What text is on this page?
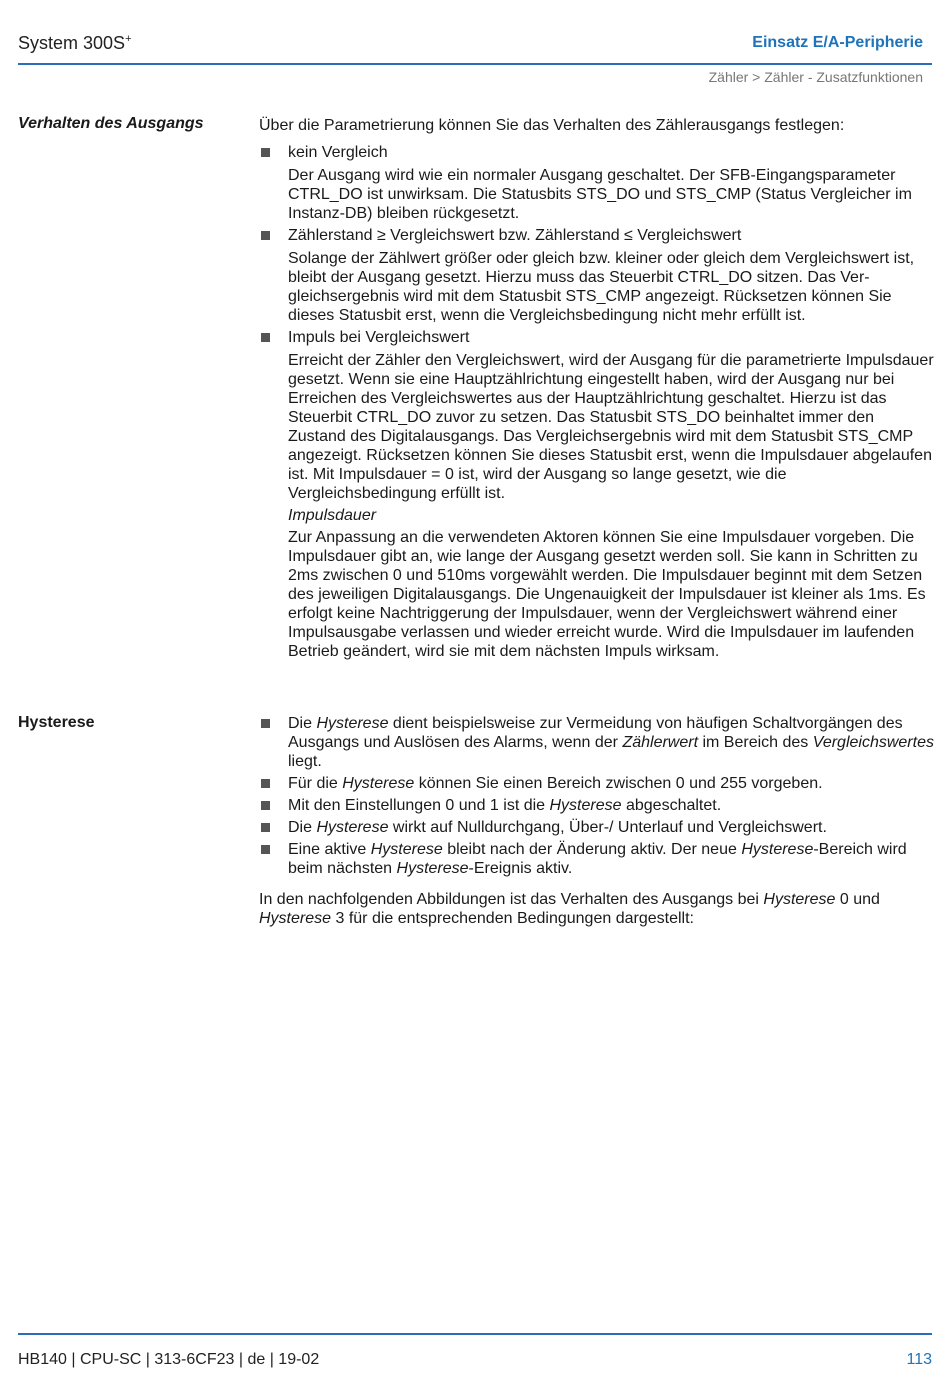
System 300S+	Einsatz E/A-Peripherie
Zähler > Zähler - Zusatzfunktionen
Verhalten des Ausgangs	Über die Parametrierung können Sie das Verhalten des Zählerausgangs festlegen:

kein Vergleich

Der Ausgang wird wie ein normaler Ausgang geschaltet. Der SFB-Eingangsparameter CTRL_DO ist unwirksam. Die Statusbits STS_DO und STS_CMP (Status Vergleicher im Instanz-DB) bleiben rückgesetzt.

Zählerstand ≥ Vergleichswert bzw. Zählerstand ≤ Vergleichswert

Solange der Zählwert größer oder gleich bzw. kleiner oder gleich dem Vergleichswert ist, bleibt der Ausgang gesetzt. Hierzu muss das Steuerbit CTRL_DO sitzen. Das Vergleichsergebnis wird mit dem Statusbit STS_CMP angezeigt. Rücksetzen können Sie dieses Statusbit erst, wenn die Vergleichsbedingung nicht mehr erfüllt ist.

Impuls bei Vergleichswert

Erreicht der Zähler den Vergleichswert, wird der Ausgang für die parametrierte Impulsdauer gesetzt. Wenn sie eine Hauptzählrichtung eingestellt haben, wird der Ausgang nur bei Erreichen des Vergleichswertes aus der Hauptzählrichtung geschaltet. Hierzu ist das Steuerbit CTRL_DO zuvor zu setzen. Das Statusbit STS_DO beinhaltet immer den Zustand des Digitalausgangs. Das Vergleichsergebnis wird mit dem Statusbit STS_CMP angezeigt. Rücksetzen können Sie dieses Statusbit erst, wenn die Impulsdauer abgelaufen ist. Mit Impulsdauer = 0 ist, wird der Ausgang so lange gesetzt, wie die Vergleichsbedingung erfüllt ist.

Impulsdauer

Zur Anpassung an die verwendeten Aktoren können Sie eine Impulsdauer vorgeben. Die Impulsdauer gibt an, wie lange der Ausgang gesetzt werden soll. Sie kann in Schritten zu 2ms zwischen 0 und 510ms vorgewählt werden. Die Impulsdauer beginnt mit dem Setzen des jeweiligen Digitalausgangs. Die Ungenauigkeit der Impulsdauer ist kleiner als 1ms. Es erfolgt keine Nachtriggerung der Impulsdauer, wenn der Vergleichswert während einer Impulsausgabe verlassen und wieder erreicht wurde. Wird die Impulsdauer im laufenden Betrieb geändert, wird sie mit dem nächsten Impuls wirksam.

Hysterese	Die Hysterese dient beispielsweise zur Vermeidung von häufigen Schaltvorgängen des Ausgangs und Auslösen des Alarms, wenn der Zählerwert im Bereich des Vergleichswertes liegt.

Für die Hysterese können Sie einen Bereich zwischen 0 und 255 vorgeben.

Mit den Einstellungen 0 und 1 ist die Hysterese abgeschaltet.

Die Hysterese wirkt auf Nulldurchgang, Über-/ Unterlauf und Vergleichswert.

Eine aktive Hysterese bleibt nach der Änderung aktiv. Der neue Hysterese-Bereich wird beim nächsten Hysterese-Ereignis aktiv.

In den nachfolgenden Abbildungen ist das Verhalten des Ausgangs bei Hysterese 0 und Hysterese 3 für die entsprechenden Bedingungen dargestellt:

HB140 | CPU-SC | 313-6CF23 | de | 19-02	113
